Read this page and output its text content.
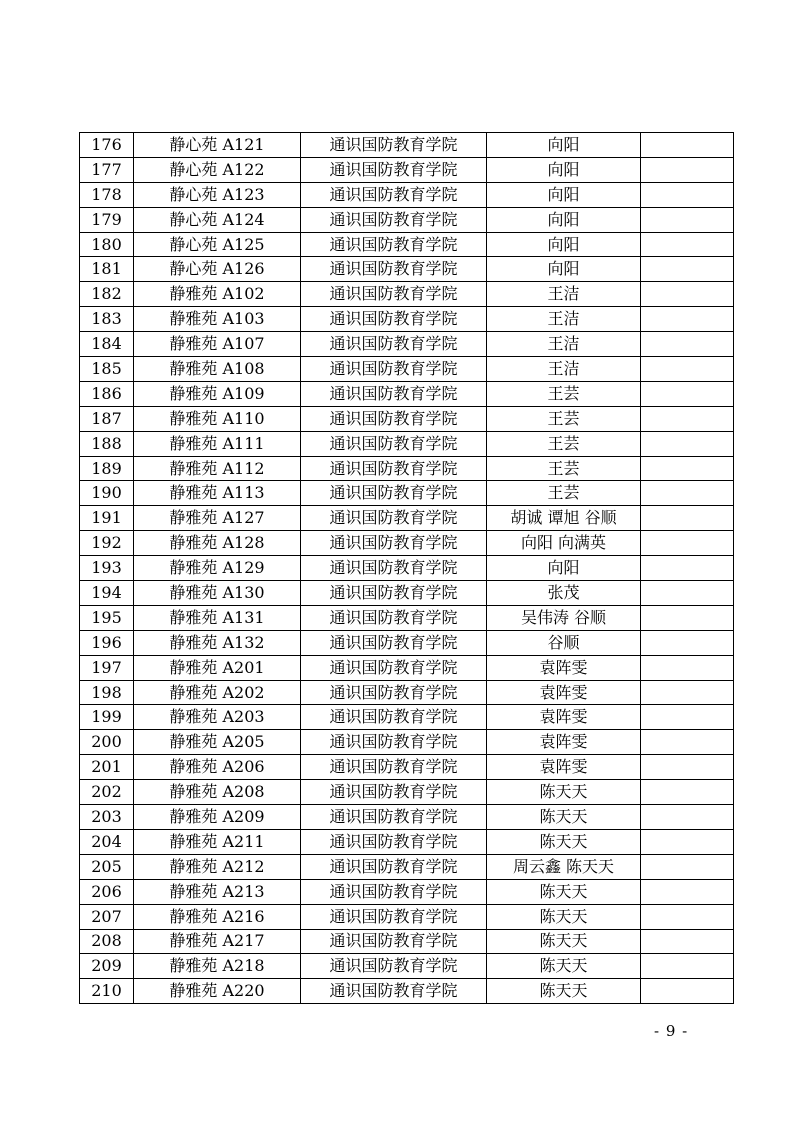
176	静心苑 A121	通识国防教育学院	向阳	
177	静心苑 A122	通识国防教育学院	向阳	
178	静心苑 A123	通识国防教育学院	向阳	
179	静心苑 A124	通识国防教育学院	向阳	
180	静心苑 A125	通识国防教育学院	向阳	
181	静心苑 A126	通识国防教育学院	向阳	
182	静雅苑 A102	通识国防教育学院	王洁	
183	静雅苑 A103	通识国防教育学院	王洁	
184	静雅苑 A107	通识国防教育学院	王洁	
185	静雅苑 A108	通识国防教育学院	王洁	
186	静雅苑 A109	通识国防教育学院	王芸	
187	静雅苑 A110	通识国防教育学院	王芸	
188	静雅苑 A111	通识国防教育学院	王芸	
189	静雅苑 A112	通识国防教育学院	王芸	
190	静雅苑 A113	通识国防教育学院	王芸	
191	静雅苑 A127	通识国防教育学院	胡诚 谭旭 谷顺	
192	静雅苑 A128	通识国防教育学院	向阳 向满英	
193	静雅苑 A129	通识国防教育学院	向阳	
194	静雅苑 A130	通识国防教育学院	张茂	
195	静雅苑 A131	通识国防教育学院	吴伟涛 谷顺	
196	静雅苑 A132	通识国防教育学院	谷顺	
197	静雅苑 A201	通识国防教育学院	袁阵雯	
198	静雅苑 A202	通识国防教育学院	袁阵雯	
199	静雅苑 A203	通识国防教育学院	袁阵雯	
200	静雅苑 A205	通识国防教育学院	袁阵雯	
201	静雅苑 A206	通识国防教育学院	袁阵雯	
202	静雅苑 A208	通识国防教育学院	陈天天	
203	静雅苑 A209	通识国防教育学院	陈天天	
204	静雅苑 A211	通识国防教育学院	陈天天	
205	静雅苑 A212	通识国防教育学院	周云鑫 陈天天	
206	静雅苑 A213	通识国防教育学院	陈天天	
207	静雅苑 A216	通识国防教育学院	陈天天	
208	静雅苑 A217	通识国防教育学院	陈天天	
209	静雅苑 A218	通识国防教育学院	陈天天	
210	静雅苑 A220	通识国防教育学院	陈天天	
- 9 -
